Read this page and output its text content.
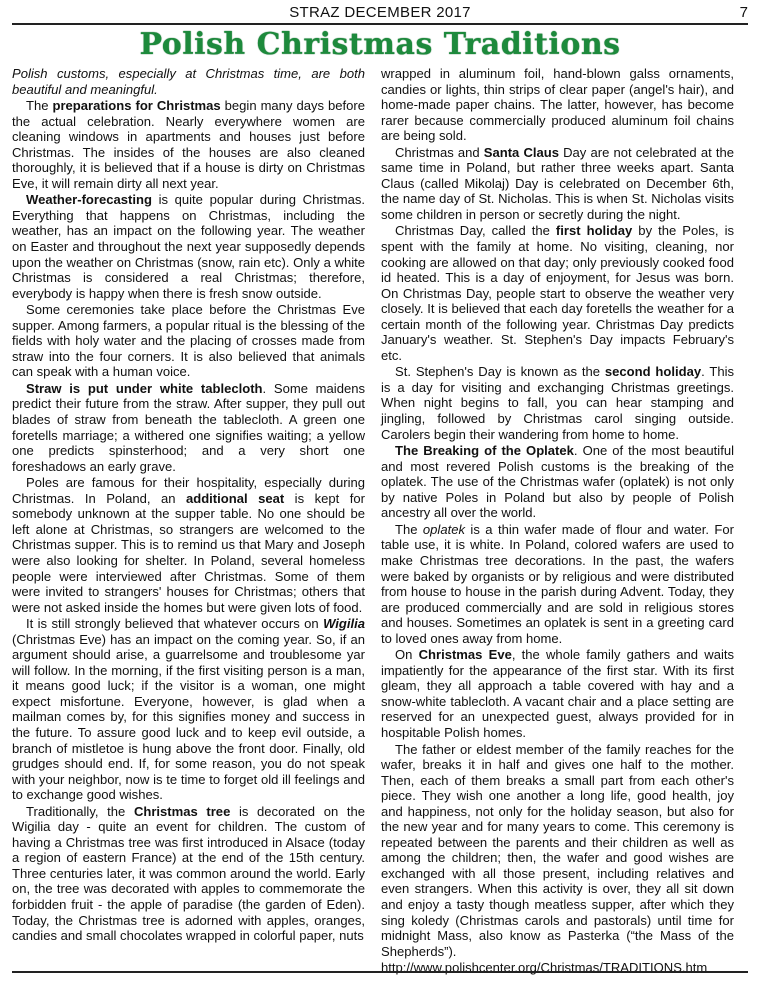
STRAZ DECEMBER 2017	7
Polish Christmas Traditions

Polish customs, especially at Christmas time, are both beautiful and meaningful.

The preparations for Christmas begin many days before the actual celebration. Nearly everywhere women are cleaning windows in apartments and houses just before Christmas. The insides of the houses are also cleaned thoroughly, it is believed that if a house is dirty on Christmas Eve, it will remain dirty all next year.

Weather-forecasting is quite popular during Christmas. Everything that happens on Christmas, including the weather, has an impact on the following year. The weather on Easter and throughout the next year supposedly depends upon the weather on Christmas (snow, rain etc). Only a white Christmas is considered a real Christmas; therefore, everybody is happy when there is fresh snow outside.

Some ceremonies take place before the Christmas Eve supper. Among farmers, a popular ritual is the blessing of the fields with holy water and the placing of crosses made from straw into the four corners. It is also believed that animals can speak with a human voice.

Straw is put under white tablecloth. Some maidens predict their future from the straw. After supper, they pull out blades of straw from beneath the tablecloth. A green one foretells marriage; a withered one signifies waiting; a yellow one predicts spinsterhood; and a very short one foreshadows an early grave.

Poles are famous for their hospitality, especially during Christmas. In Poland, an additional seat is kept for somebody unknown at the supper table. No one should be left alone at Christmas, so strangers are welcomed to the Christmas supper. This is to remind us that Mary and Joseph were also looking for shelter. In Poland, several homeless people were interviewed after Christmas. Some of them were invited to strangers' houses for Christmas; others that were not asked inside the homes but were given lots of food.

It is still strongly believed that whatever occurs on Wigilia (Christmas Eve) has an impact on the coming year. So, if an argument should arise, a guarrelsome and troublesome yar will follow. In the morning, if the first visiting person is a man, it means good luck; if the visitor is a woman, one might expect misfortune. Everyone, however, is glad when a mailman comes by, for this signifies money and success in the future. To assure good luck and to keep evil outside, a branch of mistletoe is hung above the front door. Finally, old grudges should end. If, for some reason, you do not speak with your neighbor, now is te time to forget old ill feelings and to exchange good wishes.

Traditionally, the Christmas tree is decorated on the Wigilia day - quite an event for children. The custom of having a Christmas tree was first introduced in Alsace (today a region of eastern France) at the end of the 15th century. Three centuries later, it was common around the world. Early on, the tree was decorated with apples to commemorate the forbidden fruit - the apple of paradise (the garden of Eden). Today, the Christmas tree is adorned with apples, oranges, candies and small chocolates wrapped in colorful paper, nuts

wrapped in aluminum foil, hand-blown galss ornaments, candies or lights, thin strips of clear paper (angel's hair), and home-made paper chains. The latter, however, has become rarer because commercially produced aluminum foil chains are being sold.

Christmas and Santa Claus Day are not celebrated at the same time in Poland, but rather three weeks apart. Santa Claus (called Mikolaj) Day is celebrated on December 6th, the name day of St. Nicholas. This is when St. Nicholas visits some children in person or secretly during the night.

Christmas Day, called the first holiday by the Poles, is spent with the family at home. No visiting, cleaning, nor cooking are allowed on that day; only previously cooked food id heated. This is a day of enjoyment, for Jesus was born. On Christmas Day, people start to observe the weather very closely. It is believed that each day foretells the weather for a certain month of the following year. Christmas Day predicts January's weather. St. Stephen's Day impacts February's etc.

St. Stephen's Day is known as the second holiday. This is a day for visiting and exchanging Christmas greetings. When night begins to fall, you can hear stamping and jingling, followed by Christmas carol singing outside. Carolers begin their wandering from home to home.

The Breaking of the Oplatek. One of the most beautiful and most revered Polish customs is the breaking of the oplatek. The use of the Christmas wafer (oplatek) is not only by native Poles in Poland but also by people of Polish ancestry all over the world.

The oplatek is a thin wafer made of flour and water. For table use, it is white. In Poland, colored wafers are used to make Christmas tree decorations. In the past, the wafers were baked by organists or by religious and were distributed from house to house in the parish during Advent. Today, they are produced commercially and are sold in religious stores and houses. Sometimes an oplatek is sent in a greeting card to loved ones away from home.

On Christmas Eve, the whole family gathers and waits impatiently for the appearance of the first star. With its first gleam, they all approach a table covered with hay and a snow-white tablecloth. A vacant chair and a place setting are reserved for an unexpected guest, always provided for in hospitable Polish homes.

The father or eldest member of the family reaches for the wafer, breaks it in half and gives one half to the mother. Then, each of them breaks a small part from each other's piece. They wish one another a long life, good health, joy and happiness, not only for the holiday season, but also for the new year and for many years to come. This ceremony is repeated between the parents and their children as well as among the children; then, the wafer and good wishes are exchanged with all those present, including relatives and even strangers. When this activity is over, they all sit down and enjoy a tasty though meatless supper, after which they sing koledy (Christmas carols and pastorals) until time for midnight Mass, also know as Pasterka (“the Mass of the Shepherds”).

http://www.polishcenter.org/Christmas/TRADITIONS.htm
